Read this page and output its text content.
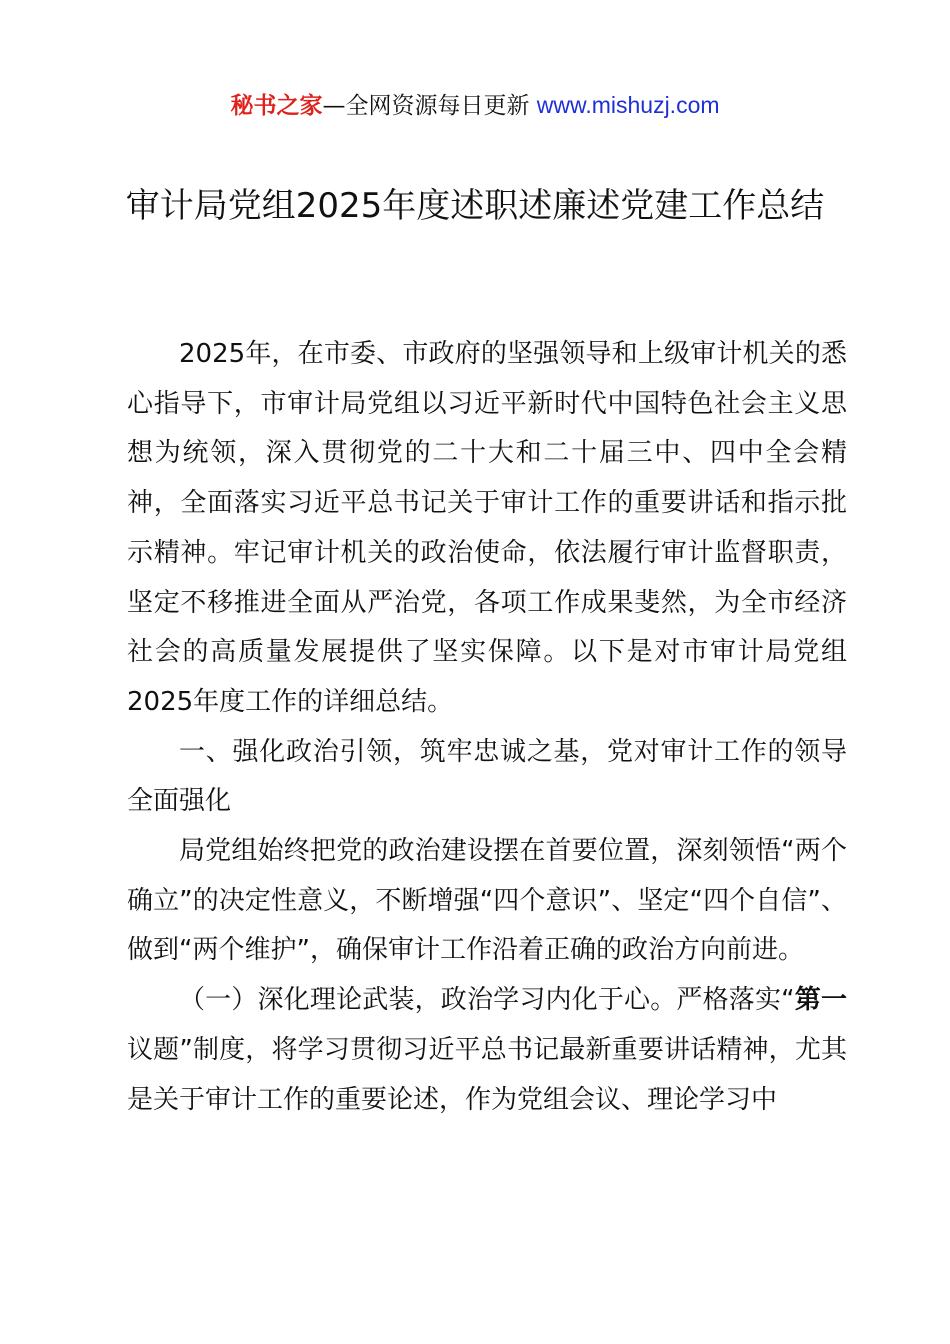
秘书之家—全网资源每日更新 www.mishuzj.com
审计局党组2025年度述职述廉述党建工作总结

2025年，在市委、市政府的坚强领导和上级审计机关的悉心指导下，市审计局党组以习近平新时代中国特色社会主义思想为统领，深入贯彻党的二十大和二十届三中、四中全会精神，全面落实习近平总书记关于审计工作的重要讲话和指示批示精神。牢记审计机关的政治使命，依法履行审计监督职责，坚定不移推进全面从严治党，各项工作成果斐然，为全市经济社会的高质量发展提供了坚实保障。以下是对市审计局党组2025年度工作的详细总结。

一、强化政治引领，筑牢忠诚之基，党对审计工作的领导全面强化

局党组始终把党的政治建设摆在首要位置，深刻领悟“两个确立”的决定性意义，不断增强“四个意识”、坚定“四个自信”、做到“两个维护”，确保审计工作沿着正确的政治方向前进。

（一）深化理论武装，政治学习内化于心。严格落实“第一议题”制度，将学习贯彻习近平总书记最新重要讲话精神，尤其是关于审计工作的重要论述，作为党组会议、理论学习中
